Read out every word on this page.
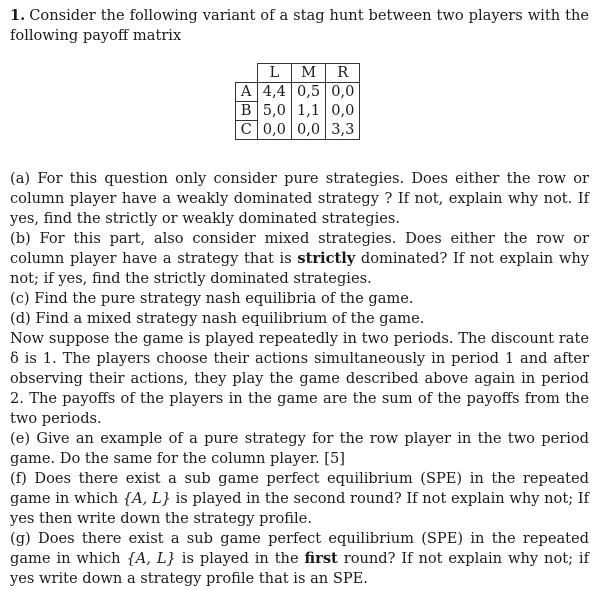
1. Consider the following variant of a stag hunt between two players with the following payoff matrix

	L	M	R
A	4,4	0,5	0,0
B	5,0	1,1	0,0
C	0,0	0,0	3,3

(a) For this question only consider pure strategies. Does either the row or column player have a weakly dominated strategy ? If not, explain why not. If yes, find the strictly or weakly dominated strategies.

(b) For this part, also consider mixed strategies. Does either the row or column player have a strategy that is strictly dominated? If not explain why not; if yes, find the strictly dominated strategies.

(c) Find the pure strategy nash equilibria of the game.

(d) Find a mixed strategy nash equilibrium of the game.

Now suppose the game is played repeatedly in two periods. The discount rate δ is 1. The players choose their actions simultaneously in period 1 and after observing their actions, they play the game described above again in period 2. The payoffs of the players in the game are the sum of the payoffs from the two periods.

(e) Give an example of a pure strategy for the row player in the two period game. Do the same for the column player. [5]

(f) Does there exist a sub game perfect equilibrium (SPE) in the repeated game in which {A, L} is played in the second round? If not explain why not; If yes then write down the strategy profile.

(g) Does there exist a sub game perfect equilibrium (SPE) in the repeated game in which {A, L} is played in the first round? If not explain why not; if yes write down a strategy profile that is an SPE.
